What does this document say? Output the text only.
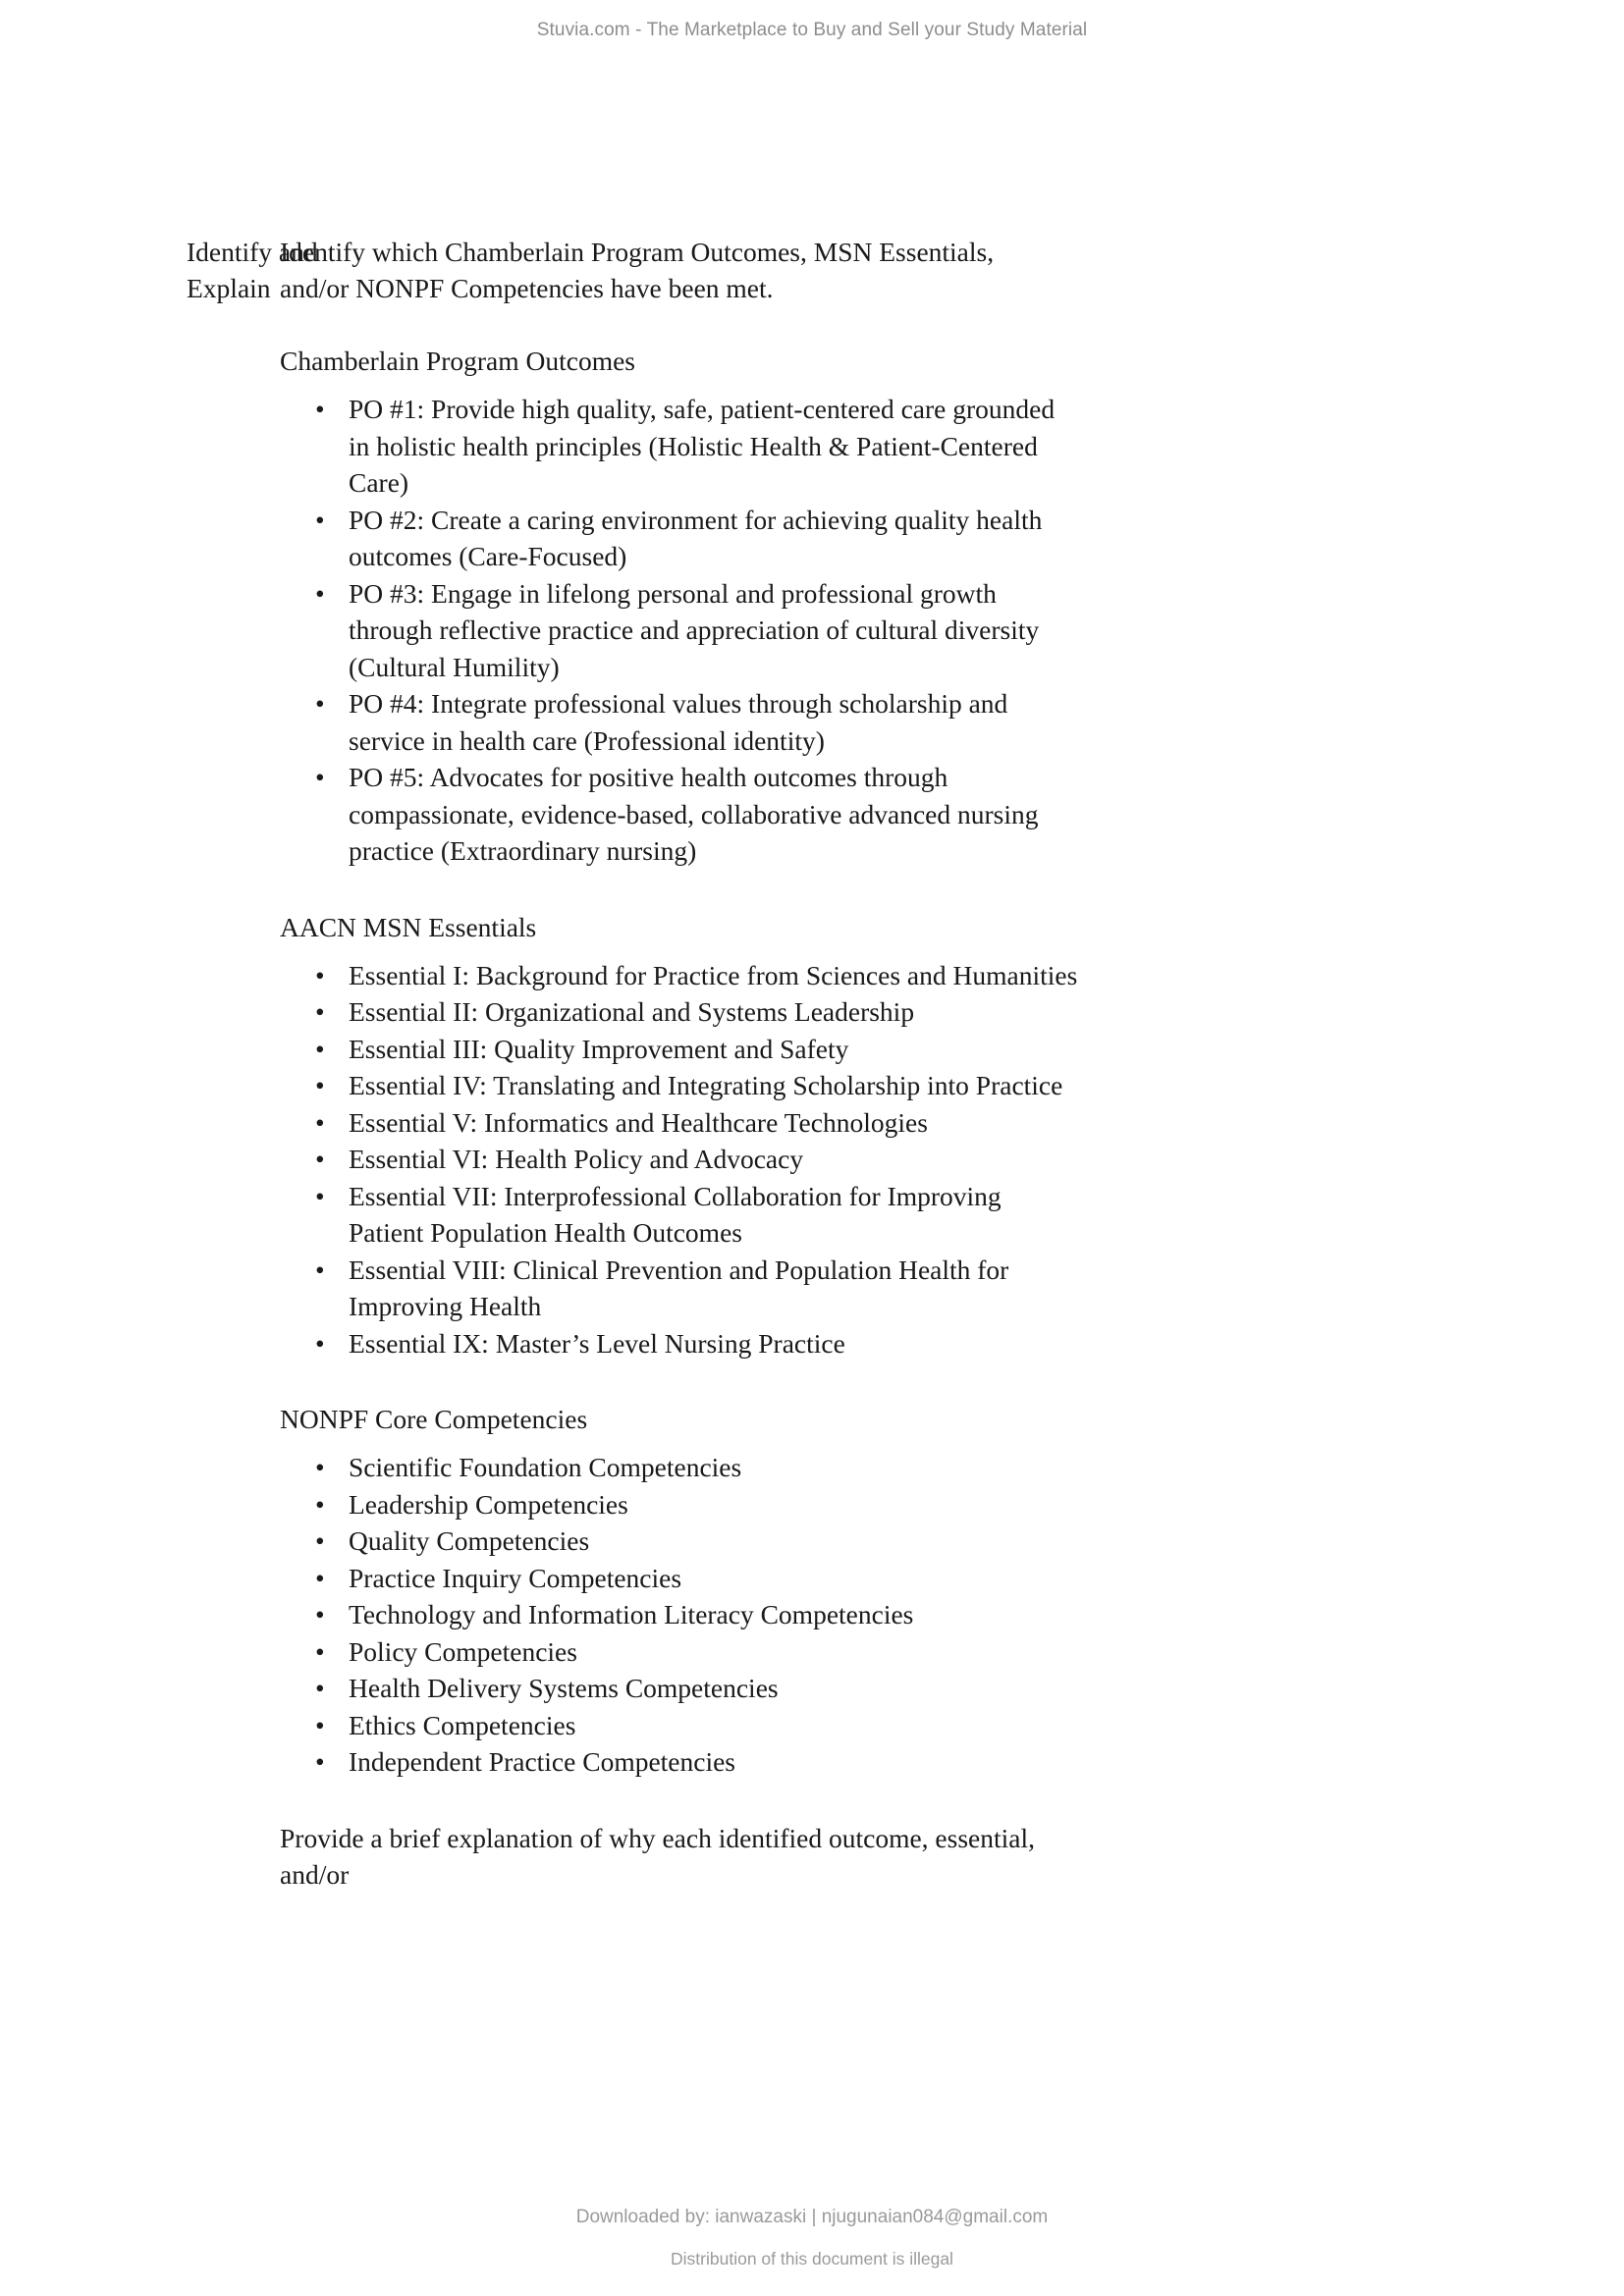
Stuvia.com - The Marketplace to Buy and Sell your Study Material
Identify and
Explain

Identify which Chamberlain Program Outcomes, MSN Essentials, and/or NONPF Competencies have been met.

Chamberlain Program Outcomes

• PO #1: Provide high quality, safe, patient-centered care grounded in holistic health principles (Holistic Health & Patient-Centered Care)
• PO #2: Create a caring environment for achieving quality health outcomes (Care-Focused)
• PO #3: Engage in lifelong personal and professional growth through reflective practice and appreciation of cultural diversity (Cultural Humility)
• PO #4: Integrate professional values through scholarship and service in health care (Professional identity)
• PO #5: Advocates for positive health outcomes through compassionate, evidence-based, collaborative advanced nursing practice (Extraordinary nursing)

AACN MSN Essentials

• Essential I: Background for Practice from Sciences and Humanities
• Essential II: Organizational and Systems Leadership
• Essential III: Quality Improvement and Safety
• Essential IV: Translating and Integrating Scholarship into Practice
• Essential V: Informatics and Healthcare Technologies
• Essential VI: Health Policy and Advocacy
• Essential VII: Interprofessional Collaboration for Improving Patient Population Health Outcomes
• Essential VIII: Clinical Prevention and Population Health for Improving Health
• Essential IX: Master’s Level Nursing Practice

NONPF Core Competencies

• Scientific Foundation Competencies
• Leadership Competencies
• Quality Competencies
• Practice Inquiry Competencies
• Technology and Information Literacy Competencies
• Policy Competencies
• Health Delivery Systems Competencies
• Ethics Competencies
• Independent Practice Competencies

Provide a brief explanation of why each identified outcome, essential, and/or

Downloaded by: ianwazaski | njugunaian084@gmail.com
Distribution of this document is illegal
